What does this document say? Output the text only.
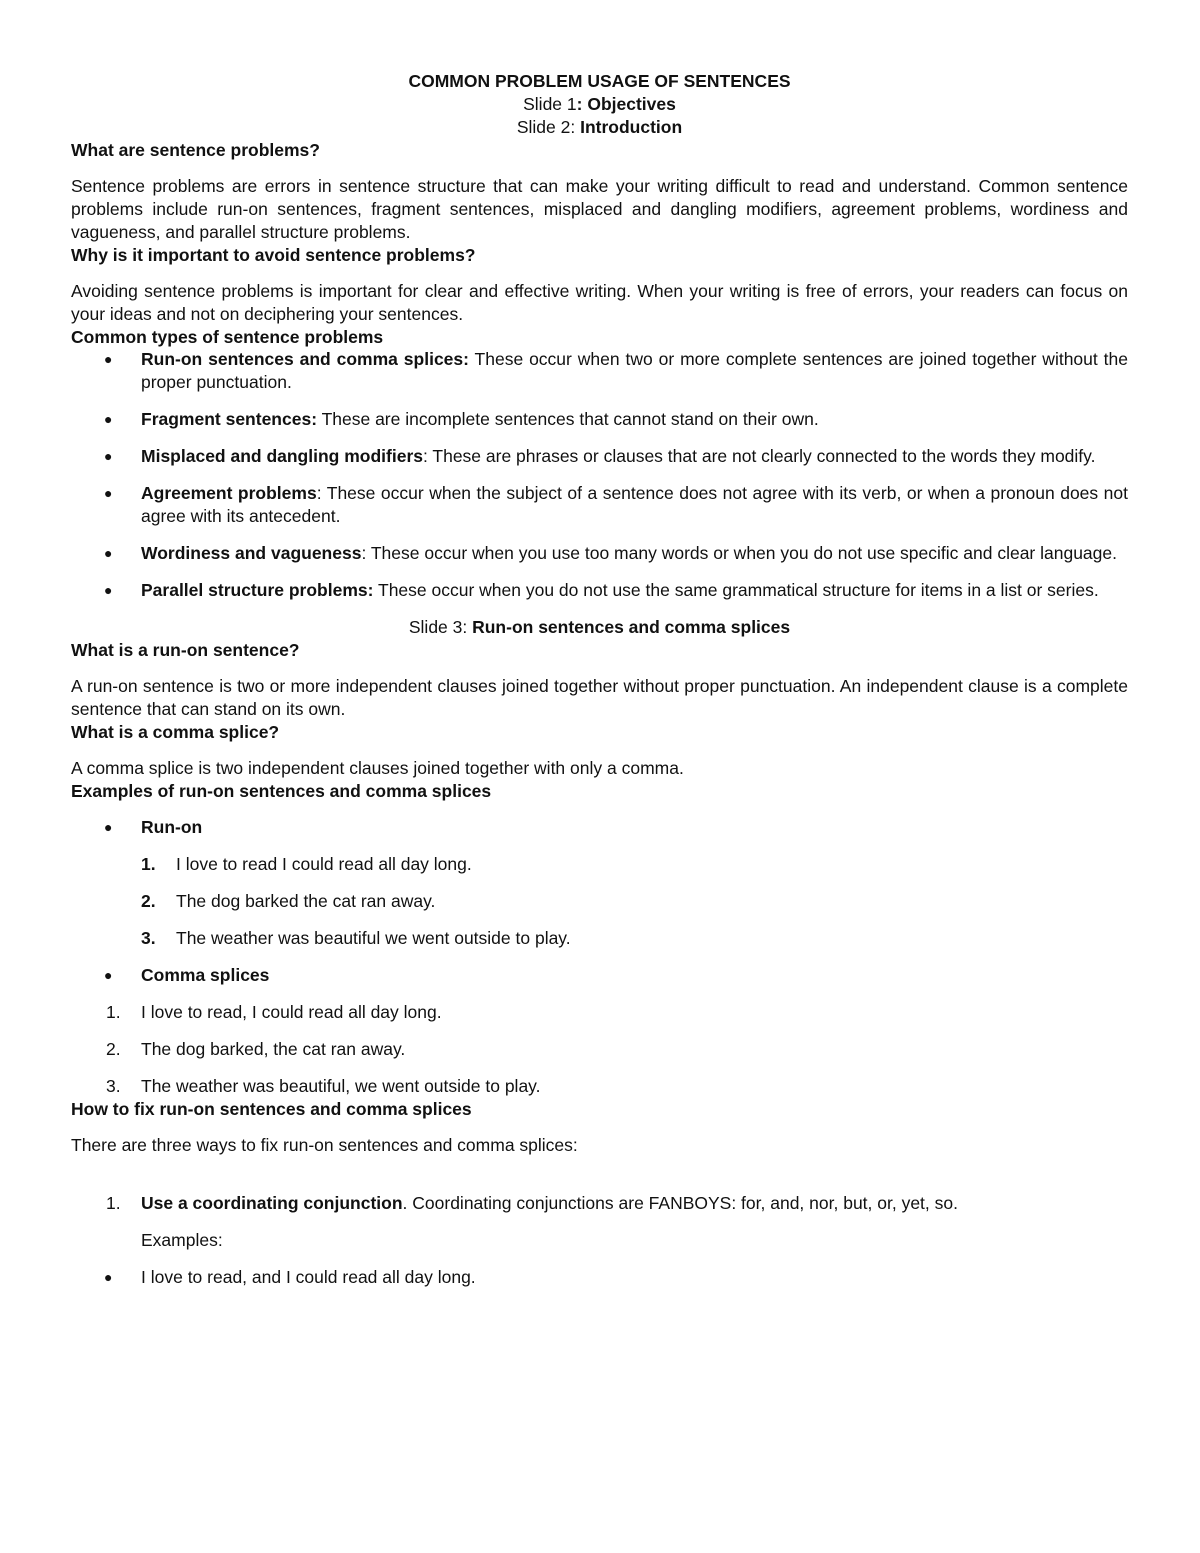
COMMON PROBLEM USAGE OF SENTENCES
Slide 1: Objectives
Slide 2: Introduction
What are sentence problems?

Sentence problems are errors in sentence structure that can make your writing difficult to read and understand. Common sentence problems include run-on sentences, fragment sentences, misplaced and dangling modifiers, agreement problems, wordiness and vagueness, and parallel structure problems.

Why is it important to avoid sentence problems?

Avoiding sentence problems is important for clear and effective writing. When your writing is free of errors, your readers can focus on your ideas and not on deciphering your sentences.

Common types of sentence problems
● Run-on sentences and comma splices: These occur when two or more complete sentences are joined together without the proper punctuation.
● Fragment sentences: These are incomplete sentences that cannot stand on their own.
● Misplaced and dangling modifiers: These are phrases or clauses that are not clearly connected to the words they modify.
● Agreement problems: These occur when the subject of a sentence does not agree with its verb, or when a pronoun does not agree with its antecedent.
● Wordiness and vagueness: These occur when you use too many words or when you do not use specific and clear language.
● Parallel structure problems: These occur when you do not use the same grammatical structure for items in a list or series.
Slide 3: Run-on sentences and comma splices
What is a run-on sentence?

A run-on sentence is two or more independent clauses joined together without proper punctuation. An independent clause is a complete sentence that can stand on its own.

What is a comma splice?

A comma splice is two independent clauses joined together with only a comma.

Examples of run-on sentences and comma splices
● Run-on
1. I love to read I could read all day long.
2. The dog barked the cat ran away.
3. The weather was beautiful we went outside to play.
● Comma splices
1. I love to read, I could read all day long.
2. The dog barked, the cat ran away.
3. The weather was beautiful, we went outside to play.
How to fix run-on sentences and comma splices

There are three ways to fix run-on sentences and comma splices:

1. Use a coordinating conjunction. Coordinating conjunctions are FANBOYS: for, and, nor, but, or, yet, so.
Examples:
● I love to read, and I could read all day long.
